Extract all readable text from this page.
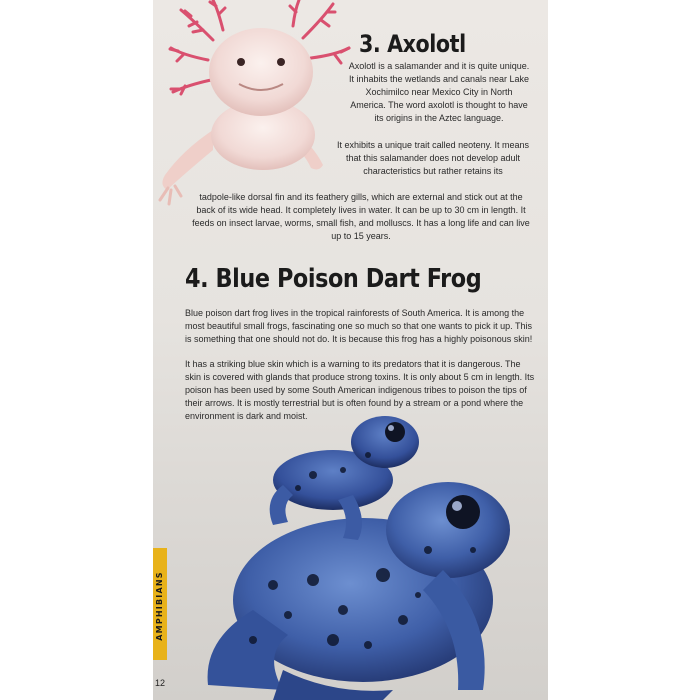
3. Axolotl

Axolotl is a salamander and it is quite unique. It inhabits the wetlands and canals near Lake Xochimilco near Mexico City in North America. The word axolotl is thought to have its origins in the Aztec language.

It exhibits a unique trait called neoteny. It means that this salamander does not develop adult characteristics but rather retains its

tadpole-like dorsal fin and its feathery gills, which are external and stick out at the back of its wide head. It completely lives in water. It can be up to 30 cm in length. It feeds on insect larvae, worms, small fish, and molluscs. It has a long life and can live up to 15 years.

4. Blue Poison Dart Frog

Blue poison dart frog lives in the tropical rainforests of South America. It is among the most beautiful small frogs, fascinating one so much so that one wants to pick it up. This is something that one should not do. It is because this frog has a highly poisonous skin!

It has a striking blue skin which is a warning to its predators that it is dangerous. The skin is covered with glands that produce strong toxins. It is only about 5 cm in length. Its poison has been used by some South American indigenous tribes to poison the tips of their arrows. It is mostly terrestrial but is often found by a stream or a pond where the environment is dark and moist.

AMPHIBIANS
12
